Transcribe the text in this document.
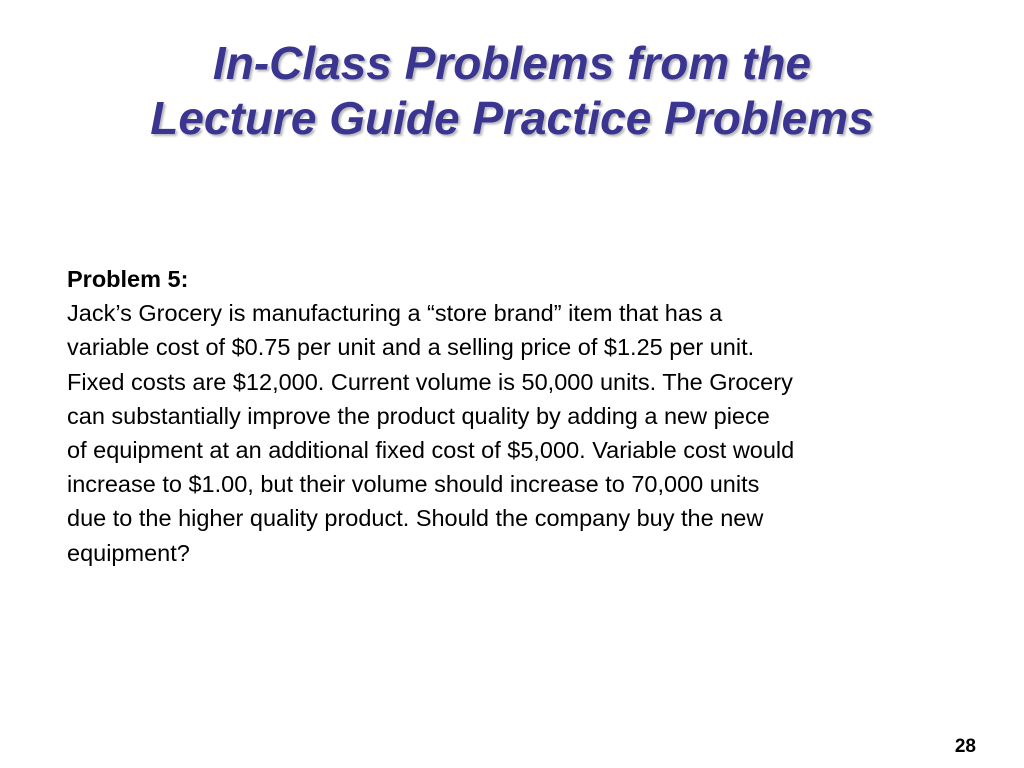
In-Class Problems from the
Lecture Guide Practice Problems
Problem 5:
Jack’s Grocery is manufacturing a “store brand” item that has a
variable cost of $0.75 per unit and a selling price of $1.25 per unit.
Fixed costs are $12,000. Current volume is 50,000 units. The Grocery
can substantially improve the product quality by adding a new piece
of equipment at an additional fixed cost of $5,000. Variable cost would
increase to $1.00, but their volume should increase to 70,000 units
due to the higher quality product. Should the company buy the new
equipment?
28
